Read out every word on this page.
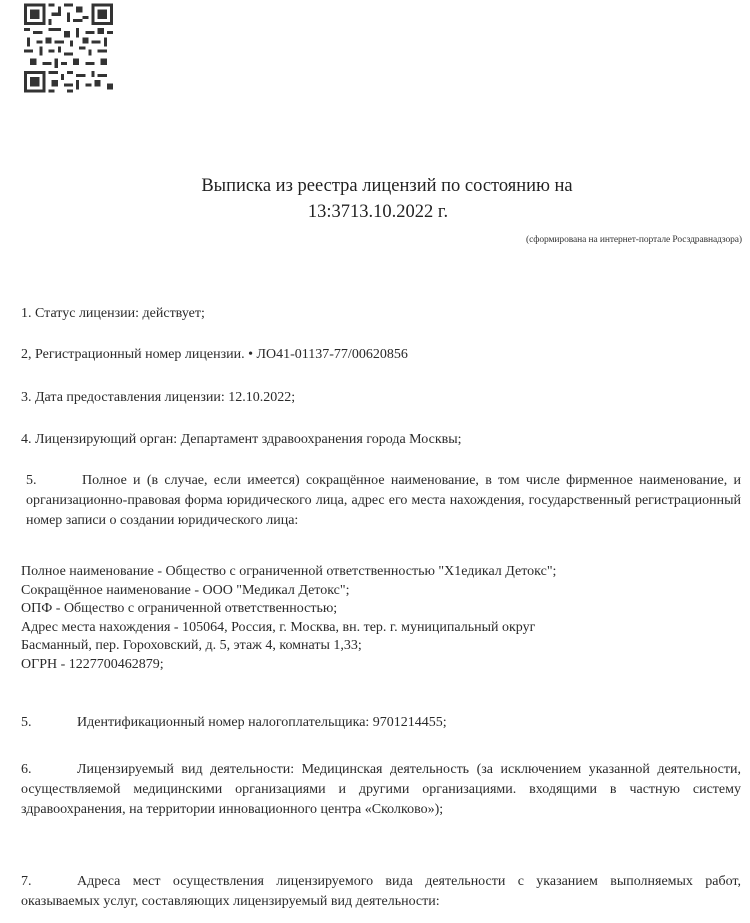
Выписка из реестра лицензий по состоянию на
13:3713.10.2022 г.
(сформирована на интернет-портале Росздравнадзора)
1. Статус лицензии: действует;
2, Регистрационный номер лицензии. • ЛО41-01137-77/00620856
3. Дата предоставления лицензии: 12.10.2022;
4. Лицензирующий орган: Департамент здравоохранения города Москвы;
5.	Полное и (в случае, если имеется) сокращённое наименование, в том числе фирменное наименование, и организационно-правовая форма юридического лица, адрес его места нахождения, государственный регистрационный номер записи о создании юридического лица:
Полное наименование - Общество с ограниченной ответственностью "Х1едикал Детокс";
Сокращённое наименование - ООО "Медикал Детокс";
ОПФ - Общество с ограниченной ответственностью;
Адрес места нахождения - 105064, Россия, г. Москва, вн. тер. г. муниципальный округ
Басманный, пер. Гороховский, д. 5, этаж 4, комнаты 1,33;
ОГРН - 1227700462879;
5.	Идентификационный номер налогоплательщика: 9701214455;
6.	Лицензируемый вид деятельности: Медицинская деятельность (за исключением указанной деятельности, осуществляемой медицинскими организациями и другими организациями. входящими в частную систему здравоохранения, на территории инновационного центра «Сколково»);
7.	Адреса мест осуществления лицензируемого вида деятельности с указанием выполняемых работ, оказываемых услуг, составляющих лицензируемый вид деятельности:
